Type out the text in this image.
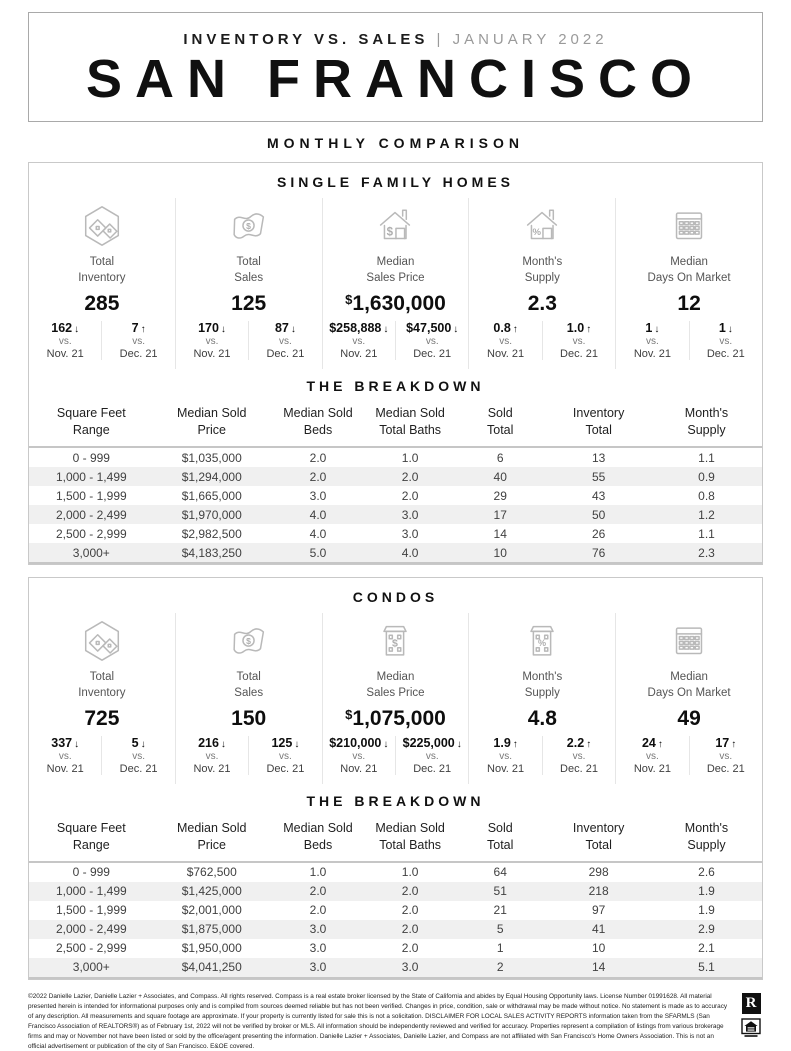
INVENTORY VS. SALES | JANUARY 2022
SAN FRANCISCO
MONTHLY COMPARISON
SINGLE FAMILY HOMES
Total
Inventory
285
162 ↓
vs.
Nov. 21
7 ↑
vs.
Dec. 21
$
Total
Sales
125
170 ↓
vs.
Nov. 21
87 ↓
vs.
Dec. 21
$
Median
Sales Price
$1,630,000
$258,888 ↓
vs.
Nov. 21
$47,500 ↓
vs.
Dec. 21
%
Month's
Supply
2.3
0.8 ↑
vs.
Nov. 21
1.0 ↑
vs.
Dec. 21
Median
Days On Market
12
1 ↓
vs.
Nov. 21
1 ↓
vs.
Dec. 21
THE BREAKDOWN
Square Feet
Range
Median Sold
Price
Median Sold
Beds
Median Sold
Total Baths
Sold
Total
Inventory
Total
Month's
Supply
0 - 999	$1,035,000	2.0	1.0	6	13	1.1
1,000 - 1,499	$1,294,000	2.0	2.0	40	55	0.9
1,500 - 1,999	$1,665,000	3.0	2.0	29	43	0.8
2,000 - 2,499	$1,970,000	4.0	3.0	17	50	1.2
2,500 - 2,999	$2,982,500	4.0	3.0	14	26	1.1
3,000+	$4,183,250	5.0	4.0	10	76	2.3
CONDOS
Total
Inventory
725
337 ↓
vs.
Nov. 21
5 ↓
vs.
Dec. 21
$
Total
Sales
150
216 ↓
vs.
Nov. 21
125 ↓
vs.
Dec. 21
$
Median
Sales Price
$1,075,000
$210,000 ↓
vs.
Nov. 21
$225,000 ↓
vs.
Dec. 21
%
Month's
Supply
4.8
1.9 ↑
vs.
Nov. 21
2.2 ↑
vs.
Dec. 21
Median
Days On Market
49
24 ↑
vs.
Nov. 21
17 ↑
vs.
Dec. 21
THE BREAKDOWN
Square Feet
Range
Median Sold
Price
Median Sold
Beds
Median Sold
Total Baths
Sold
Total
Inventory
Total
Month's
Supply
0 - 999	$762,500	1.0	1.0	64	298	2.6
1,000 - 1,499	$1,425,000	2.0	2.0	51	218	1.9
1,500 - 1,999	$2,001,000	2.0	2.0	21	97	1.9
2,000 - 2,499	$1,875,000	3.0	2.0	5	41	2.9
2,500 - 2,999	$1,950,000	3.0	2.0	1	10	2.1
3,000+	$4,041,250	3.0	3.0	2	14	5.1
©2022 Danielle Lazier, Danielle Lazier + Associates, and Compass. All rights reserved. Compass is a real estate broker licensed by the State of California and abides by Equal Housing Opportunity laws. License Number 01991628. All material presented herein is intended for informational purposes only and is compiled from sources deemed reliable but has not been verified. Changes in price, condition, sale or withdrawal may be made without notice. No statement is made as to accuracy of any description. All measurements and square footage are approximate. If your property is currently listed for sale this is not a solicitation. DISCLAIMER FOR LOCAL SALES ACTIVITY REPORTS information taken from the SFARMLS (San Francisco Association of REALTORS®) as of February 1st, 2022 will not be verified by broker or MLS. All information should be independently reviewed and verified for accuracy. Properties represent a compilation of listings from various brokerage firms and may or November not have been listed or sold by the office/agent presenting the information. Danielle Lazier + Associates, Danielle Lazier, and Compass are not affiliated with San Francisco's Home Owners Association. This is not an official advertisement or publication of the city of San Francisco. E&OE covered.
R
